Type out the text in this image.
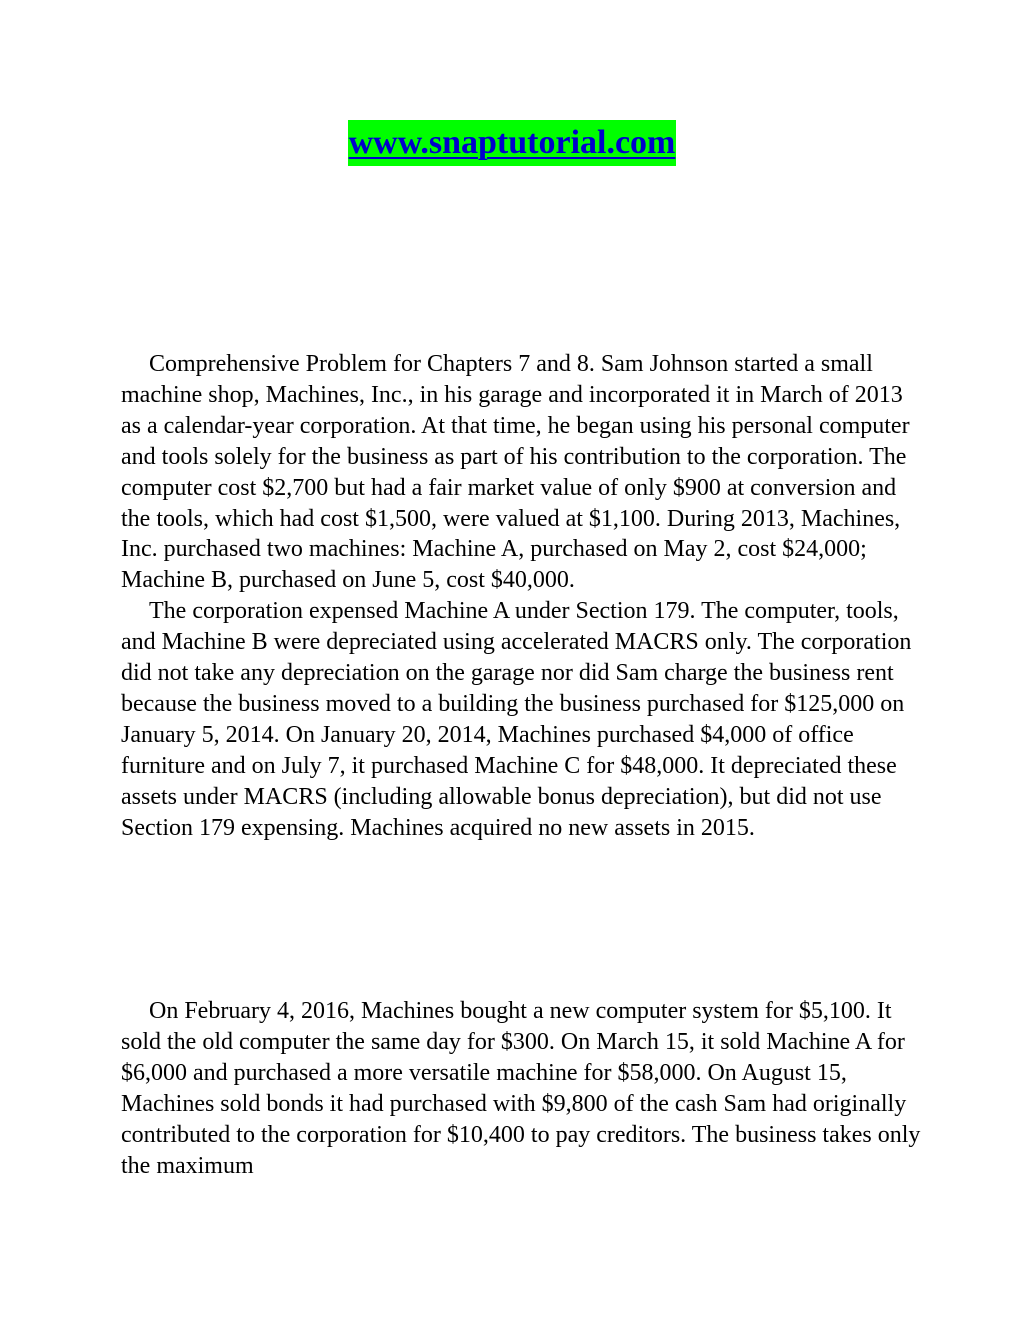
www.snaptutorial.com

Comprehensive Problem for Chapters 7 and 8. Sam Johnson started a small machine shop, Machines, Inc., in his garage and incorporated it in March of 2013 as a calendar-year corporation. At that time, he began using his personal computer and tools solely for the business as part of his contribution to the corporation. The computer cost $2,700 but had a fair market value of only $900 at conversion and the tools, which had cost $1,500, were valued at $1,100. During 2013, Machines, Inc. purchased two machines: Machine A, purchased on May 2, cost $24,000; Machine B, purchased on June 5, cost $40,000.

The corporation expensed Machine A under Section 179. The computer, tools, and Machine B were depreciated using accelerated MACRS only. The corporation did not take any depreciation on the garage nor did Sam charge the business rent because the business moved to a building the business purchased for $125,000 on January 5, 2014. On January 20, 2014, Machines purchased $4,000 of office furniture and on July 7, it purchased Machine C for $48,000. It depreciated these assets under MACRS (including allowable bonus depreciation), but did not use Section 179 expensing. Machines acquired no new assets in 2015.

On February 4, 2016, Machines bought a new computer system for $5,100. It sold the old computer the same day for $300. On March 15, it sold Machine A for $6,000 and purchased a more versatile machine for $58,000. On August 15, Machines sold bonds it had purchased with $9,800 of the cash Sam had originally contributed to the corporation for $10,400 to pay creditors. The business takes only the maximum
